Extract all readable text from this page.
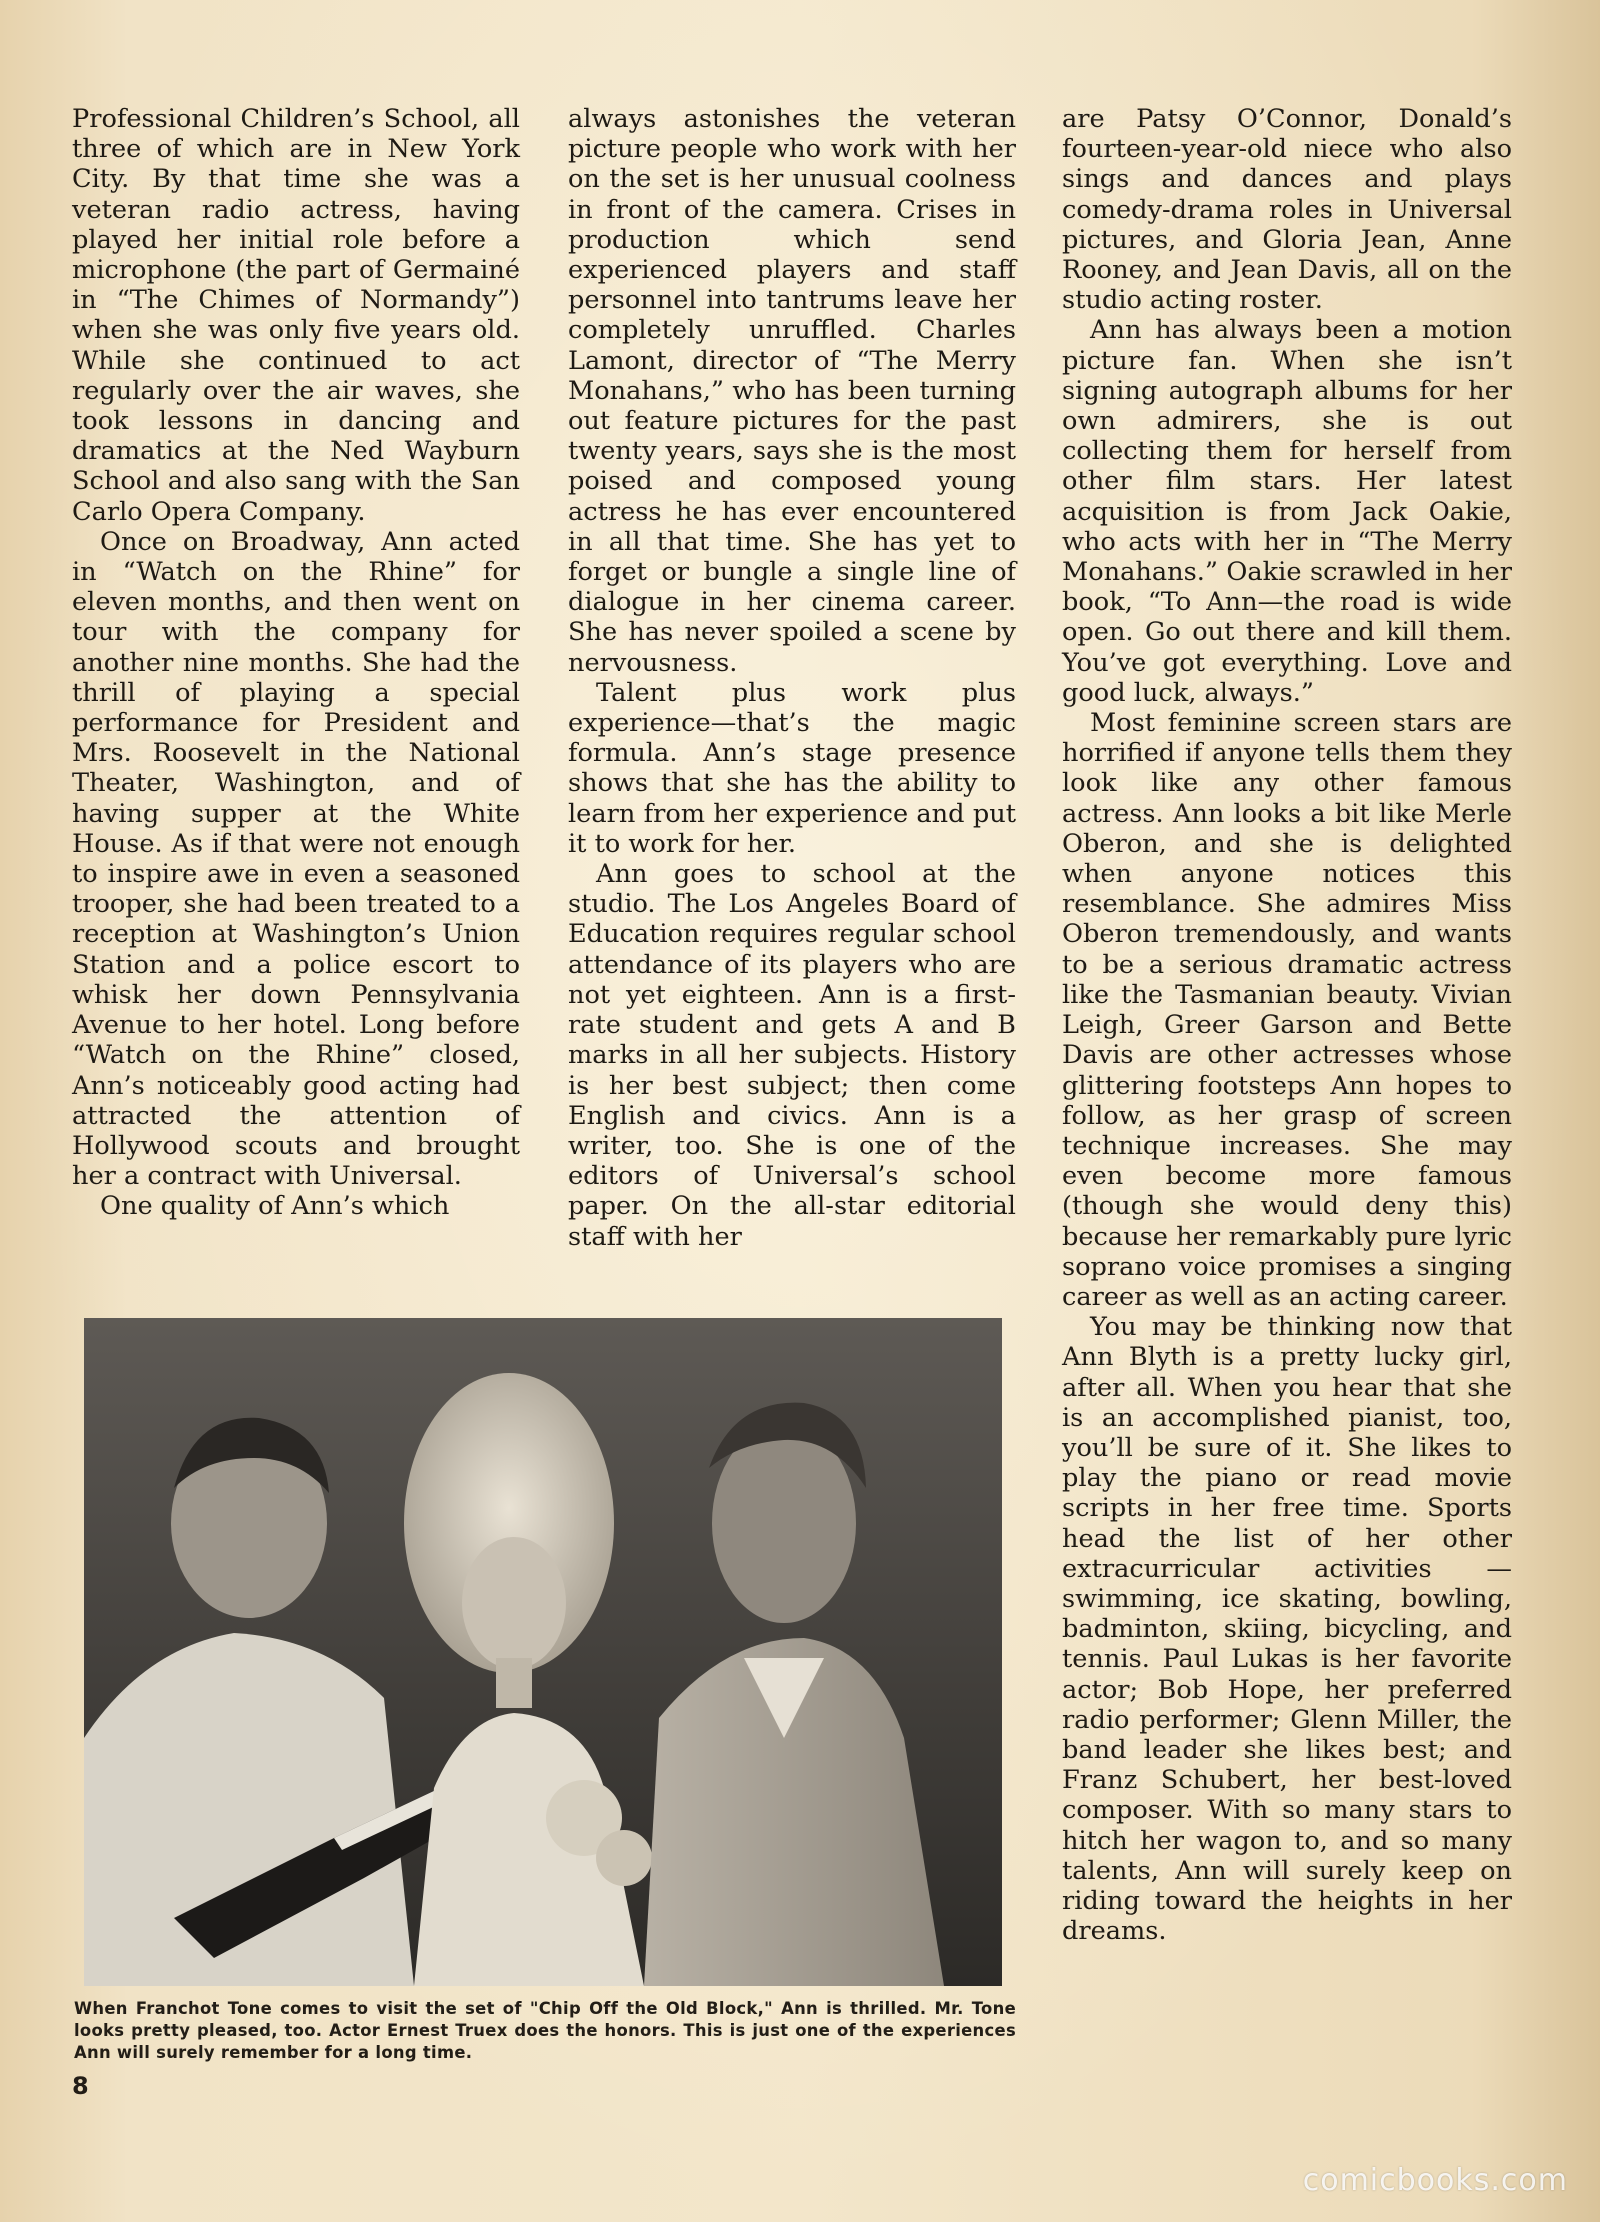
Professional Children’s School, all three of which are in New York City. By that time she was a veteran radio actress, having played her initial role before a microphone (the part of Germainé in “The Chimes of Normandy”) when she was only five years old. While she continued to act regularly over the air waves, she took lessons in dancing and dramatics at the Ned Wayburn School and also sang with the San Carlo Opera Company.

Once on Broadway, Ann acted in “Watch on the Rhine” for eleven months, and then went on tour with the company for another nine months. She had the thrill of playing a special performance for President and Mrs. Roosevelt in the National Theater, Washington, and of having supper at the White House. As if that were not enough to inspire awe in even a seasoned trooper, she had been treated to a reception at Washington’s Union Station and a police escort to whisk her down Pennsylvania Avenue to her hotel. Long before “Watch on the Rhine” closed, Ann’s noticeably good acting had attracted the attention of Hollywood scouts and brought her a contract with Universal.

One quality of Ann’s which

always astonishes the veteran picture people who work with her on the set is her unusual coolness in front of the camera. Crises in production which send experienced players and staff personnel into tantrums leave her completely unruffled. Charles Lamont, director of “The Merry Monahans,” who has been turning out feature pictures for the past twenty years, says she is the most poised and composed young actress he has ever encountered in all that time. She has yet to forget or bungle a single line of dialogue in her cinema career. She has never spoiled a scene by nervousness.

Talent plus work plus experience—that’s the magic formula. Ann’s stage presence shows that she has the ability to learn from her experience and put it to work for her.

Ann goes to school at the studio. The Los Angeles Board of Education requires regular school attendance of its players who are not yet eighteen. Ann is a first-rate student and gets A and B marks in all her subjects. History is her best subject; then come English and civics. Ann is a writer, too. She is one of the editors of Universal’s school paper. On the all-star editorial staff with her

are Patsy O’Connor, Donald’s fourteen-year-old niece who also sings and dances and plays comedy-drama roles in Universal pictures, and Gloria Jean, Anne Rooney, and Jean Davis, all on the studio acting roster.

Ann has always been a motion picture fan. When she isn’t signing autograph albums for her own admirers, she is out collecting them for herself from other film stars. Her latest acquisition is from Jack Oakie, who acts with her in “The Merry Monahans.” Oakie scrawled in her book, “To Ann—the road is wide open. Go out there and kill them. You’ve got everything. Love and good luck, always.”

Most feminine screen stars are horrified if anyone tells them they look like any other famous actress. Ann looks a bit like Merle Oberon, and she is delighted when anyone notices this resemblance. She admires Miss Oberon tremendously, and wants to be a serious dramatic actress like the Tasmanian beauty. Vivian Leigh, Greer Garson and Bette Davis are other actresses whose glittering footsteps Ann hopes to follow, as her grasp of screen technique increases. She may even become more famous (though she would deny this) because her remarkably pure lyric soprano voice promises a singing career as well as an acting career.

You may be thinking now that Ann Blyth is a pretty lucky girl, after all. When you hear that she is an accomplished pianist, too, you’ll be sure of it. She likes to play the piano or read movie scripts in her free time. Sports head the list of her other extracurricular activities — swimming, ice skating, bowling, badminton, skiing, bicycling, and tennis. Paul Lukas is her favorite actor; Bob Hope, her preferred radio performer; Glenn Miller, the band leader she likes best; and Franz Schubert, her best-loved composer. With so many stars to hitch her wagon to, and so many talents, Ann will surely keep on riding toward the heights in her dreams.

When Franchot Tone comes to visit the set of "Chip Off the Old Block," Ann is thrilled. Mr. Tone looks pretty pleased, too. Actor Ernest Truex does the honors. This is just one of the experiences Ann will surely remember for a long time.
8
comicbooks.com
